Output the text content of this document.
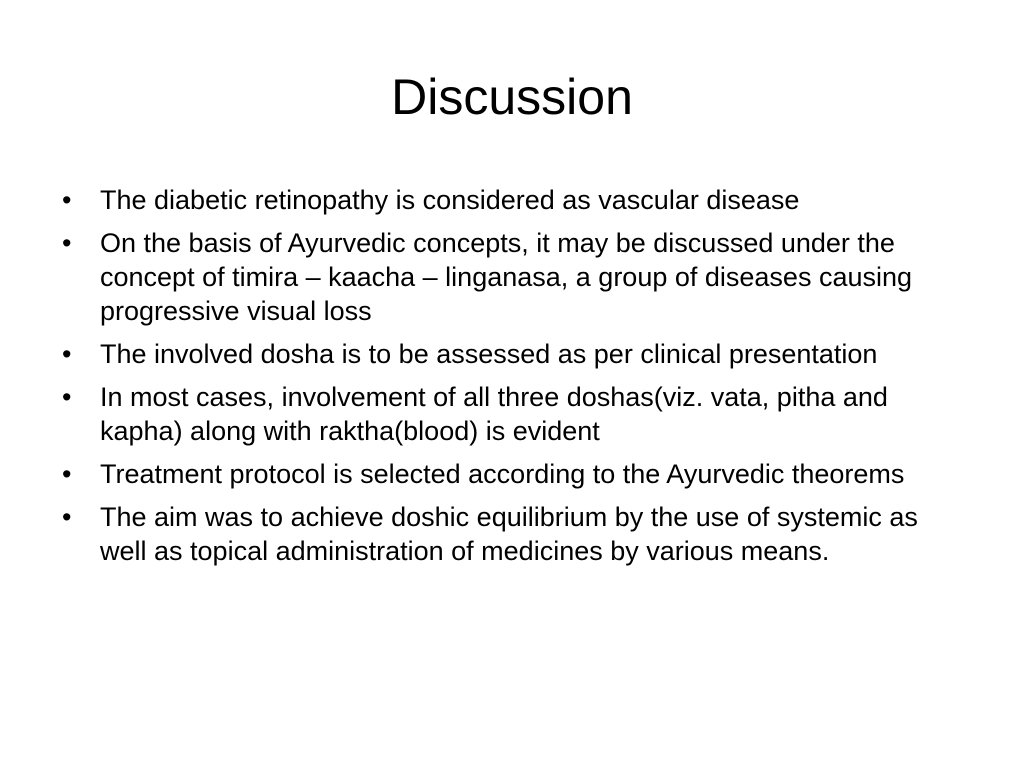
Discussion
• The diabetic retinopathy is considered as vascular disease
• On the basis of Ayurvedic concepts, it may be discussed under the concept of timira – kaacha – linganasa, a group of diseases causing progressive visual loss
• The involved dosha is to be assessed as per clinical presentation
• In most cases, involvement of all three doshas(viz. vata, pitha and kapha) along with raktha(blood) is evident
• Treatment protocol is selected according to the Ayurvedic theorems
• The aim was to achieve doshic equilibrium by the use of systemic as well as topical administration of medicines by various means.
